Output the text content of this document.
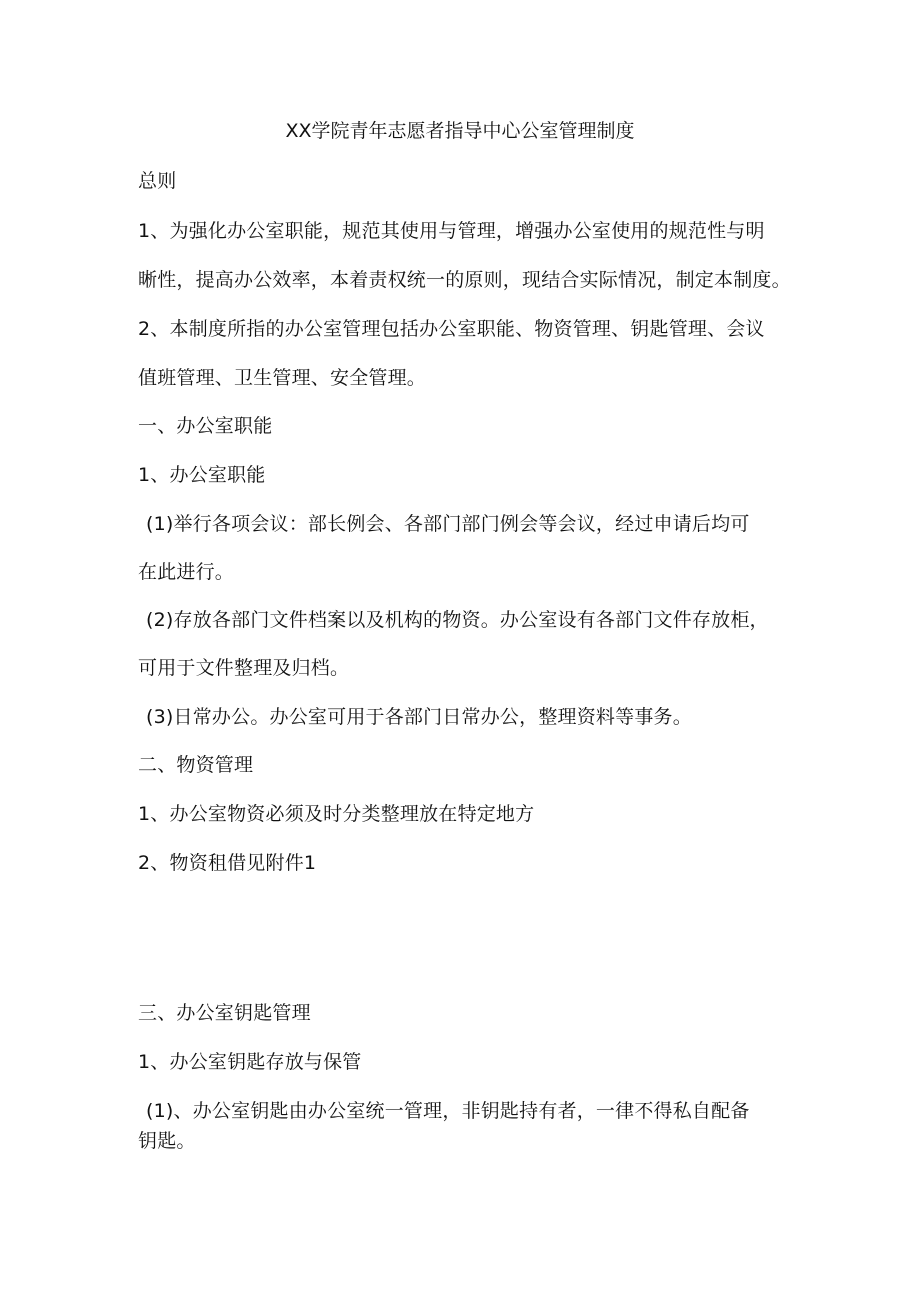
XX学院青年志愿者指导中心公室管理制度
总则
1、为强化办公室职能，规范其使用与管理，增强办公室使用的规范性与明
晰性，提高办公效率，本着责权统一的原则，现结合实际情况，制定本制度。
2、本制度所指的办公室管理包括办公室职能、物资管理、钥匙管理、会议
值班管理、卫生管理、安全管理。
一、办公室职能
1、办公室职能
(1)举行各项会议：部长例会、各部门部门例会等会议，经过申请后均可
在此进行。
(2)存放各部门文件档案以及机构的物资。办公室设有各部门文件存放柜，
可用于文件整理及归档。
(3)日常办公。办公室可用于各部门日常办公，整理资料等事务。
二、物资管理
1、办公室物资必须及时分类整理放在特定地方
2、物资租借见附件1
三、办公室钥匙管理
1、办公室钥匙存放与保管
(1)、办公室钥匙由办公室统一管理，非钥匙持有者，一律不得私自配备
钥匙。
